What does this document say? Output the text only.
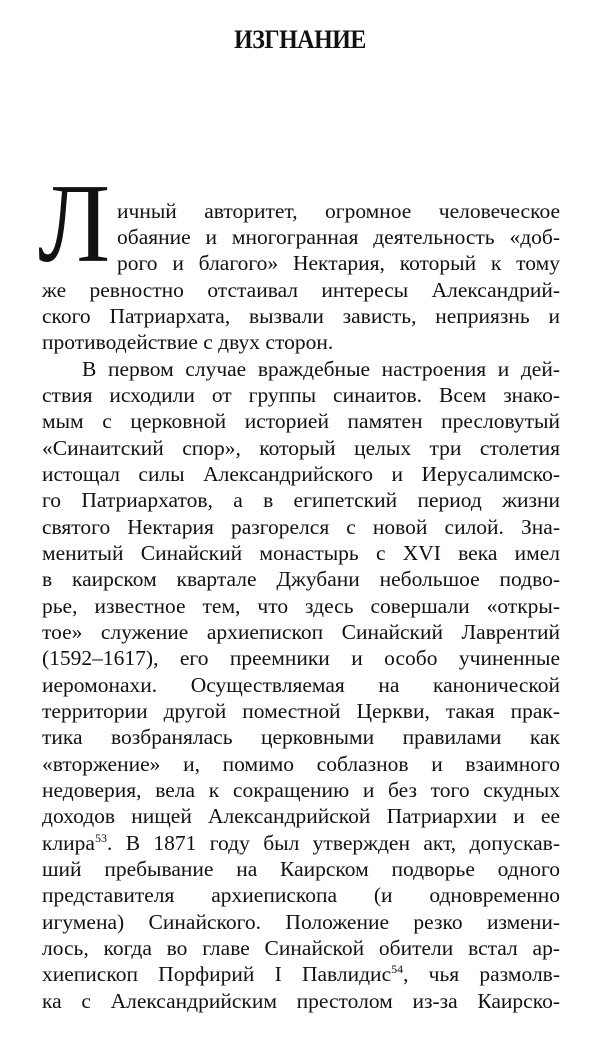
ИЗГНАНИЕ
Л ичный авторитет, огромное человеческое
обаяние и многогранная деятельность «доб-
рого и благого» Нектария, который к тому
же ревностно отстаивал интересы Александрий-
ского Патриархата, вызвали зависть, неприязнь и
противодействие с двух сторон.
В первом случае враждебные настроения и дей-
ствия исходили от группы синаитов. Всем знако-
мым с церковной историей памятен пресловутый
«Синаитский спор», который целых три столетия
истощал силы Александрийского и Иерусалимско-
го Патриархатов, а в египетский период жизни
святого Нектария разгорелся с новой силой. Зна-
менитый Синайский монастырь с XVI века имел
в каирском квартале Джубани небольшое подво-
рье, известное тем, что здесь совершали «откры-
тое» служение архиепископ Синайский Лаврентий
(1592–1617), его преемники и особо учиненные
иеромонахи. Осуществляемая на канонической
территории другой поместной Церкви, такая прак-
тика возбранялась церковными правилами как
«вторжение» и, помимо соблазнов и взаимного
недоверия, вела к сокращению и без того скудных
доходов нищей Александрийской Патриархии и ее
клира$^{53}$. В 1871 году был утвержден акт, допускав-
ший пребывание на Каирском подворье одного
представителя архиепископа (и одновременно
игумена) Синайского. Положение резко измени-
лось, когда во главе Синайской обители встал ар-
хиепископ Порфирий I Павлидис$^{54}$, чья размолв-
ка с Александрийским престолом из-за Каирско-
